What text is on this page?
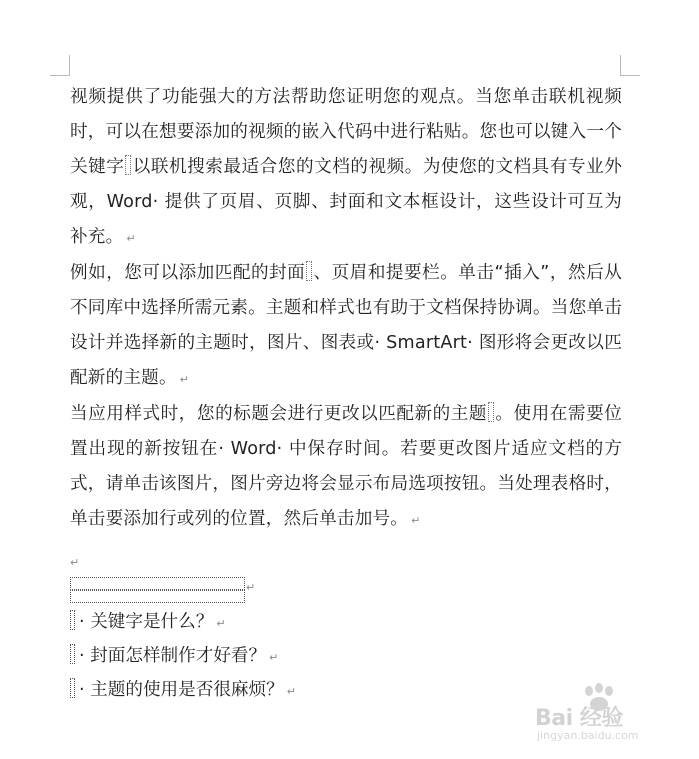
视频提供了功能强大的方法帮助您证明您的观点。当您单击联机视频时，可以在想要添加的视频的嵌入代码中进行粘贴。您也可以键入一个关键字 以联机搜索最适合您的文档的视频。为使您的文档具有专业外观，Word· 提供了页眉、页脚、封面和文本框设计，这些设计可互为补充。 ↵

例如，您可以添加匹配的封面 、页眉和提要栏。单击“插入”，然后从不同库中选择所需元素。主题和样式也有助于文档保持协调。当您单击设计并选择新的主题时，图片、图表或· SmartArt· 图形将会更改以匹配新的主题。 ↵

当应用样式时，您的标题会进行更改以匹配新的主题 。使用在需要位置出现的新按钮在· Word· 中保存时间。若要更改图片适应文档的方式，请单击该图片，图片旁边将会显示布局选项按钮。当处理表格时，单击要添加行或列的位置，然后单击加号。 ↵

↵
↵

· 关键字是什么？ ↵

· 封面怎样制作才好看？ ↵

· 主题的使用是否很麻烦？ ↵

Bai 经验
jingyan.baidu.com
